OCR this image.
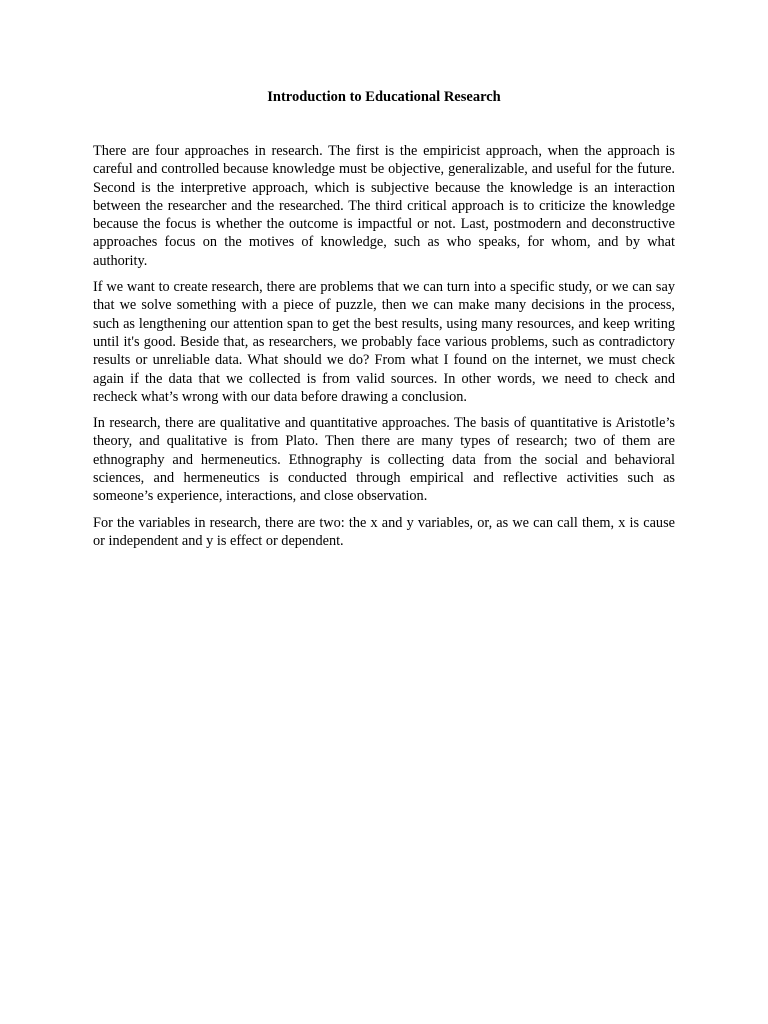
Introduction to Educational Research

There are four approaches in research. The first is the empiricist approach, when the approach is careful and controlled because knowledge must be objective, generalizable, and useful for the future. Second is the interpretive approach, which is subjective because the knowledge is an interaction between the researcher and the researched. The third critical approach is to criticize the knowledge because the focus is whether the outcome is impactful or not. Last, postmodern and deconstructive approaches focus on the motives of knowledge, such as who speaks, for whom, and by what authority.

If we want to create research, there are problems that we can turn into a specific study, or we can say that we solve something with a piece of puzzle, then we can make many decisions in the process, such as lengthening our attention span to get the best results, using many resources, and keep writing until it's good. Beside that, as researchers, we probably face various problems, such as contradictory results or unreliable data. What should we do? From what I found on the internet, we must check again if the data that we collected is from valid sources. In other words, we need to check and recheck what’s wrong with our data before drawing a conclusion.

In research, there are qualitative and quantitative approaches. The basis of quantitative is Aristotle’s theory, and qualitative is from Plato. Then there are many types of research; two of them are ethnography and hermeneutics. Ethnography is collecting data from the social and behavioral sciences, and hermeneutics is conducted through empirical and reflective activities such as someone’s experience, interactions, and close observation.

For the variables in research, there are two: the x and y variables, or, as we can call them, x is cause or independent and y is effect or dependent.
